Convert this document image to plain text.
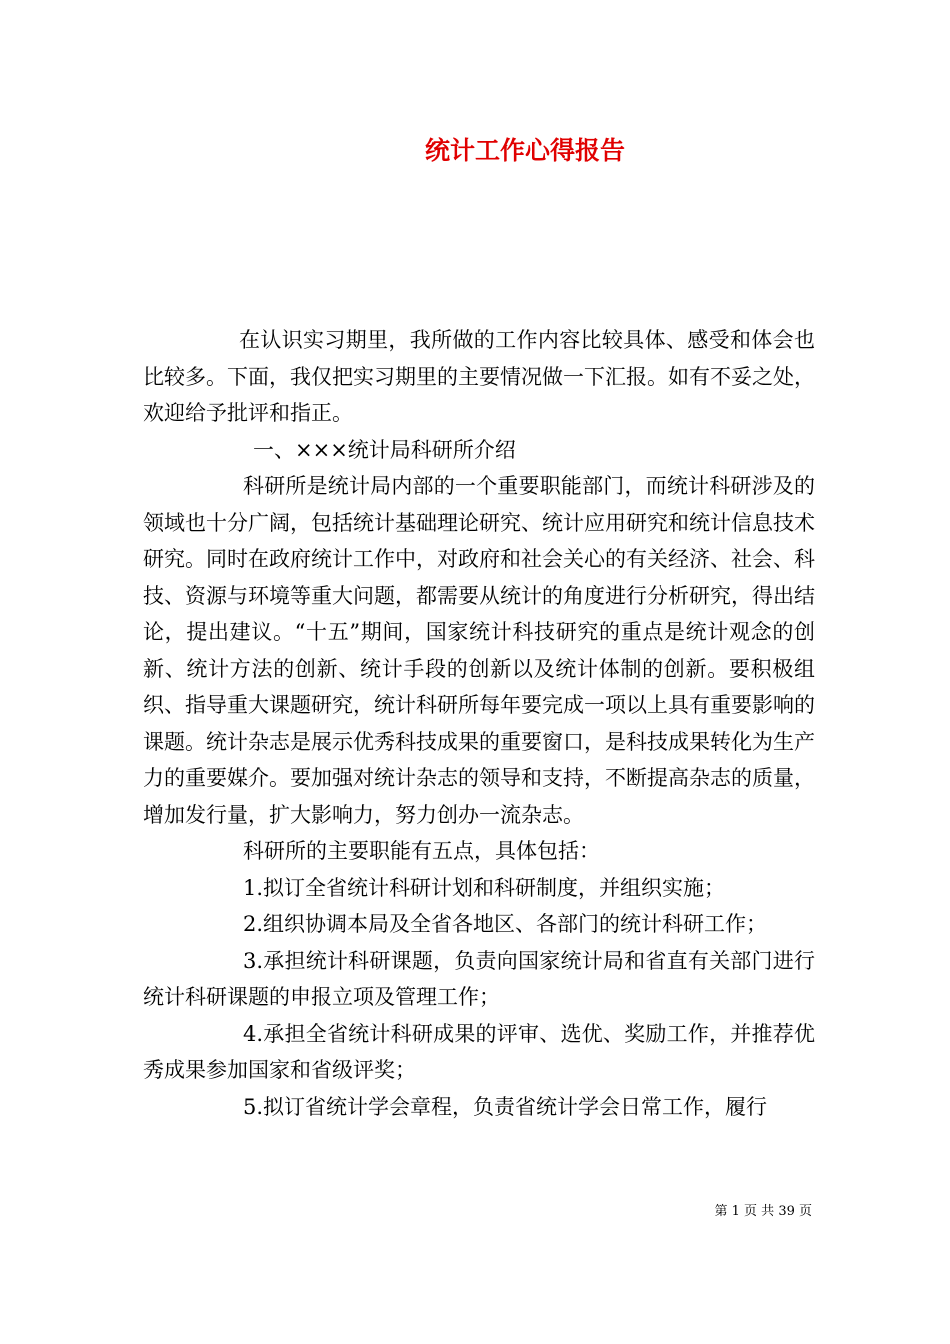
统计工作心得报告

在认识实习期里，我所做的工作内容比较具体、感受和体会也比较多。下面，我仅把实习期里的主要情况做一下汇报。如有不妥之处，欢迎给予批评和指正。

一、×××统计局科研所介绍

科研所是统计局内部的一个重要职能部门，而统计科研涉及的领域也十分广阔，包括统计基础理论研究、统计应用研究和统计信息技术研究。同时在政府统计工作中，对政府和社会关心的有关经济、社会、科技、资源与环境等重大问题，都需要从统计的角度进行分析研究，得出结论，提出建议。“十五”期间，国家统计科技研究的重点是统计观念的创新、统计方法的创新、统计手段的创新以及统计体制的创新。要积极组织、指导重大课题研究，统计科研所每年要完成一项以上具有重要影响的课题。统计杂志是展示优秀科技成果的重要窗口，是科技成果转化为生产力的重要媒介。要加强对统计杂志的领导和支持，不断提高杂志的质量，增加发行量，扩大影响力，努力创办一流杂志。

科研所的主要职能有五点，具体包括：

1.拟订全省统计科研计划和科研制度，并组织实施；

2.组织协调本局及全省各地区、各部门的统计科研工作；

3.承担统计科研课题，负责向国家统计局和省直有关部门进行统计科研课题的申报立项及管理工作；

4.承担全省统计科研成果的评审、选优、奖励工作，并推荐优秀成果参加国家和省级评奖；

5.拟订省统计学会章程，负责省统计学会日常工作，履行

第 1 页 共 39 页
